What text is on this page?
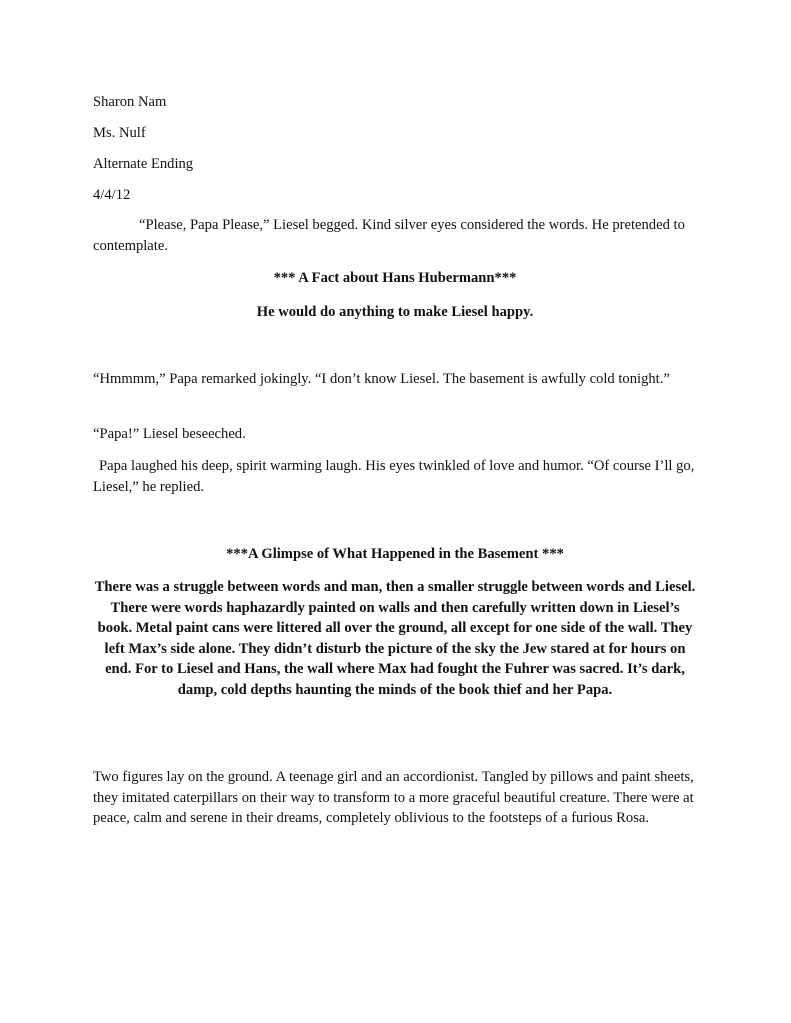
Sharon Nam

Ms. Nulf

Alternate Ending

4/4/12

“Please, Papa Please,” Liesel begged. Kind silver eyes considered the words. He pretended to contemplate.

*** A Fact about Hans Hubermann***

He would do anything to make Liesel happy.

“Hmmmm,” Papa remarked jokingly. “I don’t know Liesel. The basement is awfully cold tonight.”

“Papa!” Liesel beseeched.

Papa laughed his deep, spirit warming laugh. His eyes twinkled of love and humor. “Of course I’ll go, Liesel,” he replied.

***A Glimpse of What Happened in the Basement ***

There was a struggle between words and man, then a smaller struggle between words and Liesel. There were words haphazardly painted on walls and then carefully written down in Liesel’s book. Metal paint cans were littered all over the ground, all except for one side of the wall. They left Max’s side alone. They didn’t disturb the picture of the sky the Jew stared at for hours on end. For to Liesel and Hans, the wall where Max had fought the Fuhrer was sacred. It’s dark, damp, cold depths haunting the minds of the book thief and her Papa.

Two figures lay on the ground. A teenage girl and an accordionist. Tangled by pillows and paint sheets, they imitated caterpillars on their way to transform to a more graceful beautiful creature. There were at peace, calm and serene in their dreams, completely oblivious to the footsteps of a furious Rosa.
